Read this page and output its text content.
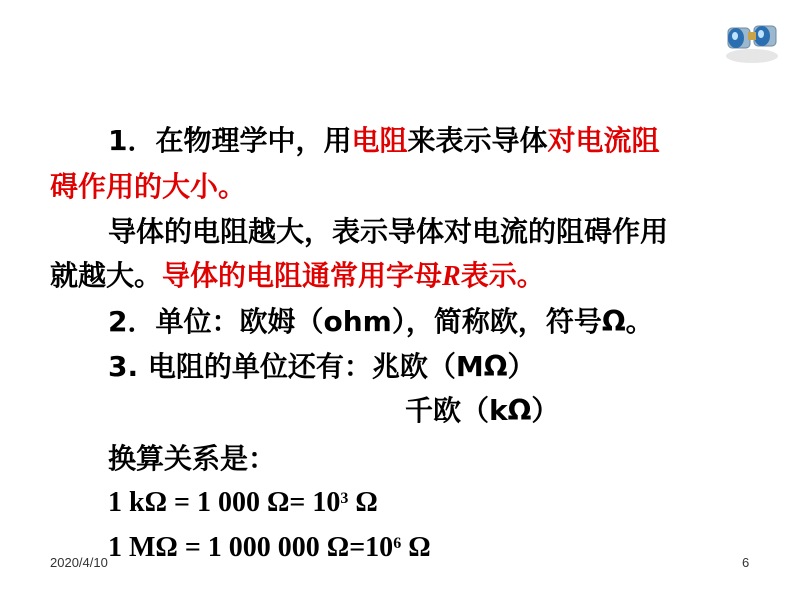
1．在物理学中，用电阻来表示导体对电流阻
碍作用的大小。
导体的电阻越大，表示导体对电流的阻碍作用
就越大。导体的电阻通常用字母R表示。
2．单位：欧姆（ohm），简称欧，符号Ω。
3. 电阻的单位还有：兆欧（MΩ）
千欧（kΩ）
换算关系是：
1 kΩ = 1 000 $\Omega= 10^3$ Ω
1 MΩ = 1 000 000 $\Omega=10^6$ Ω
2020/4/10	6
